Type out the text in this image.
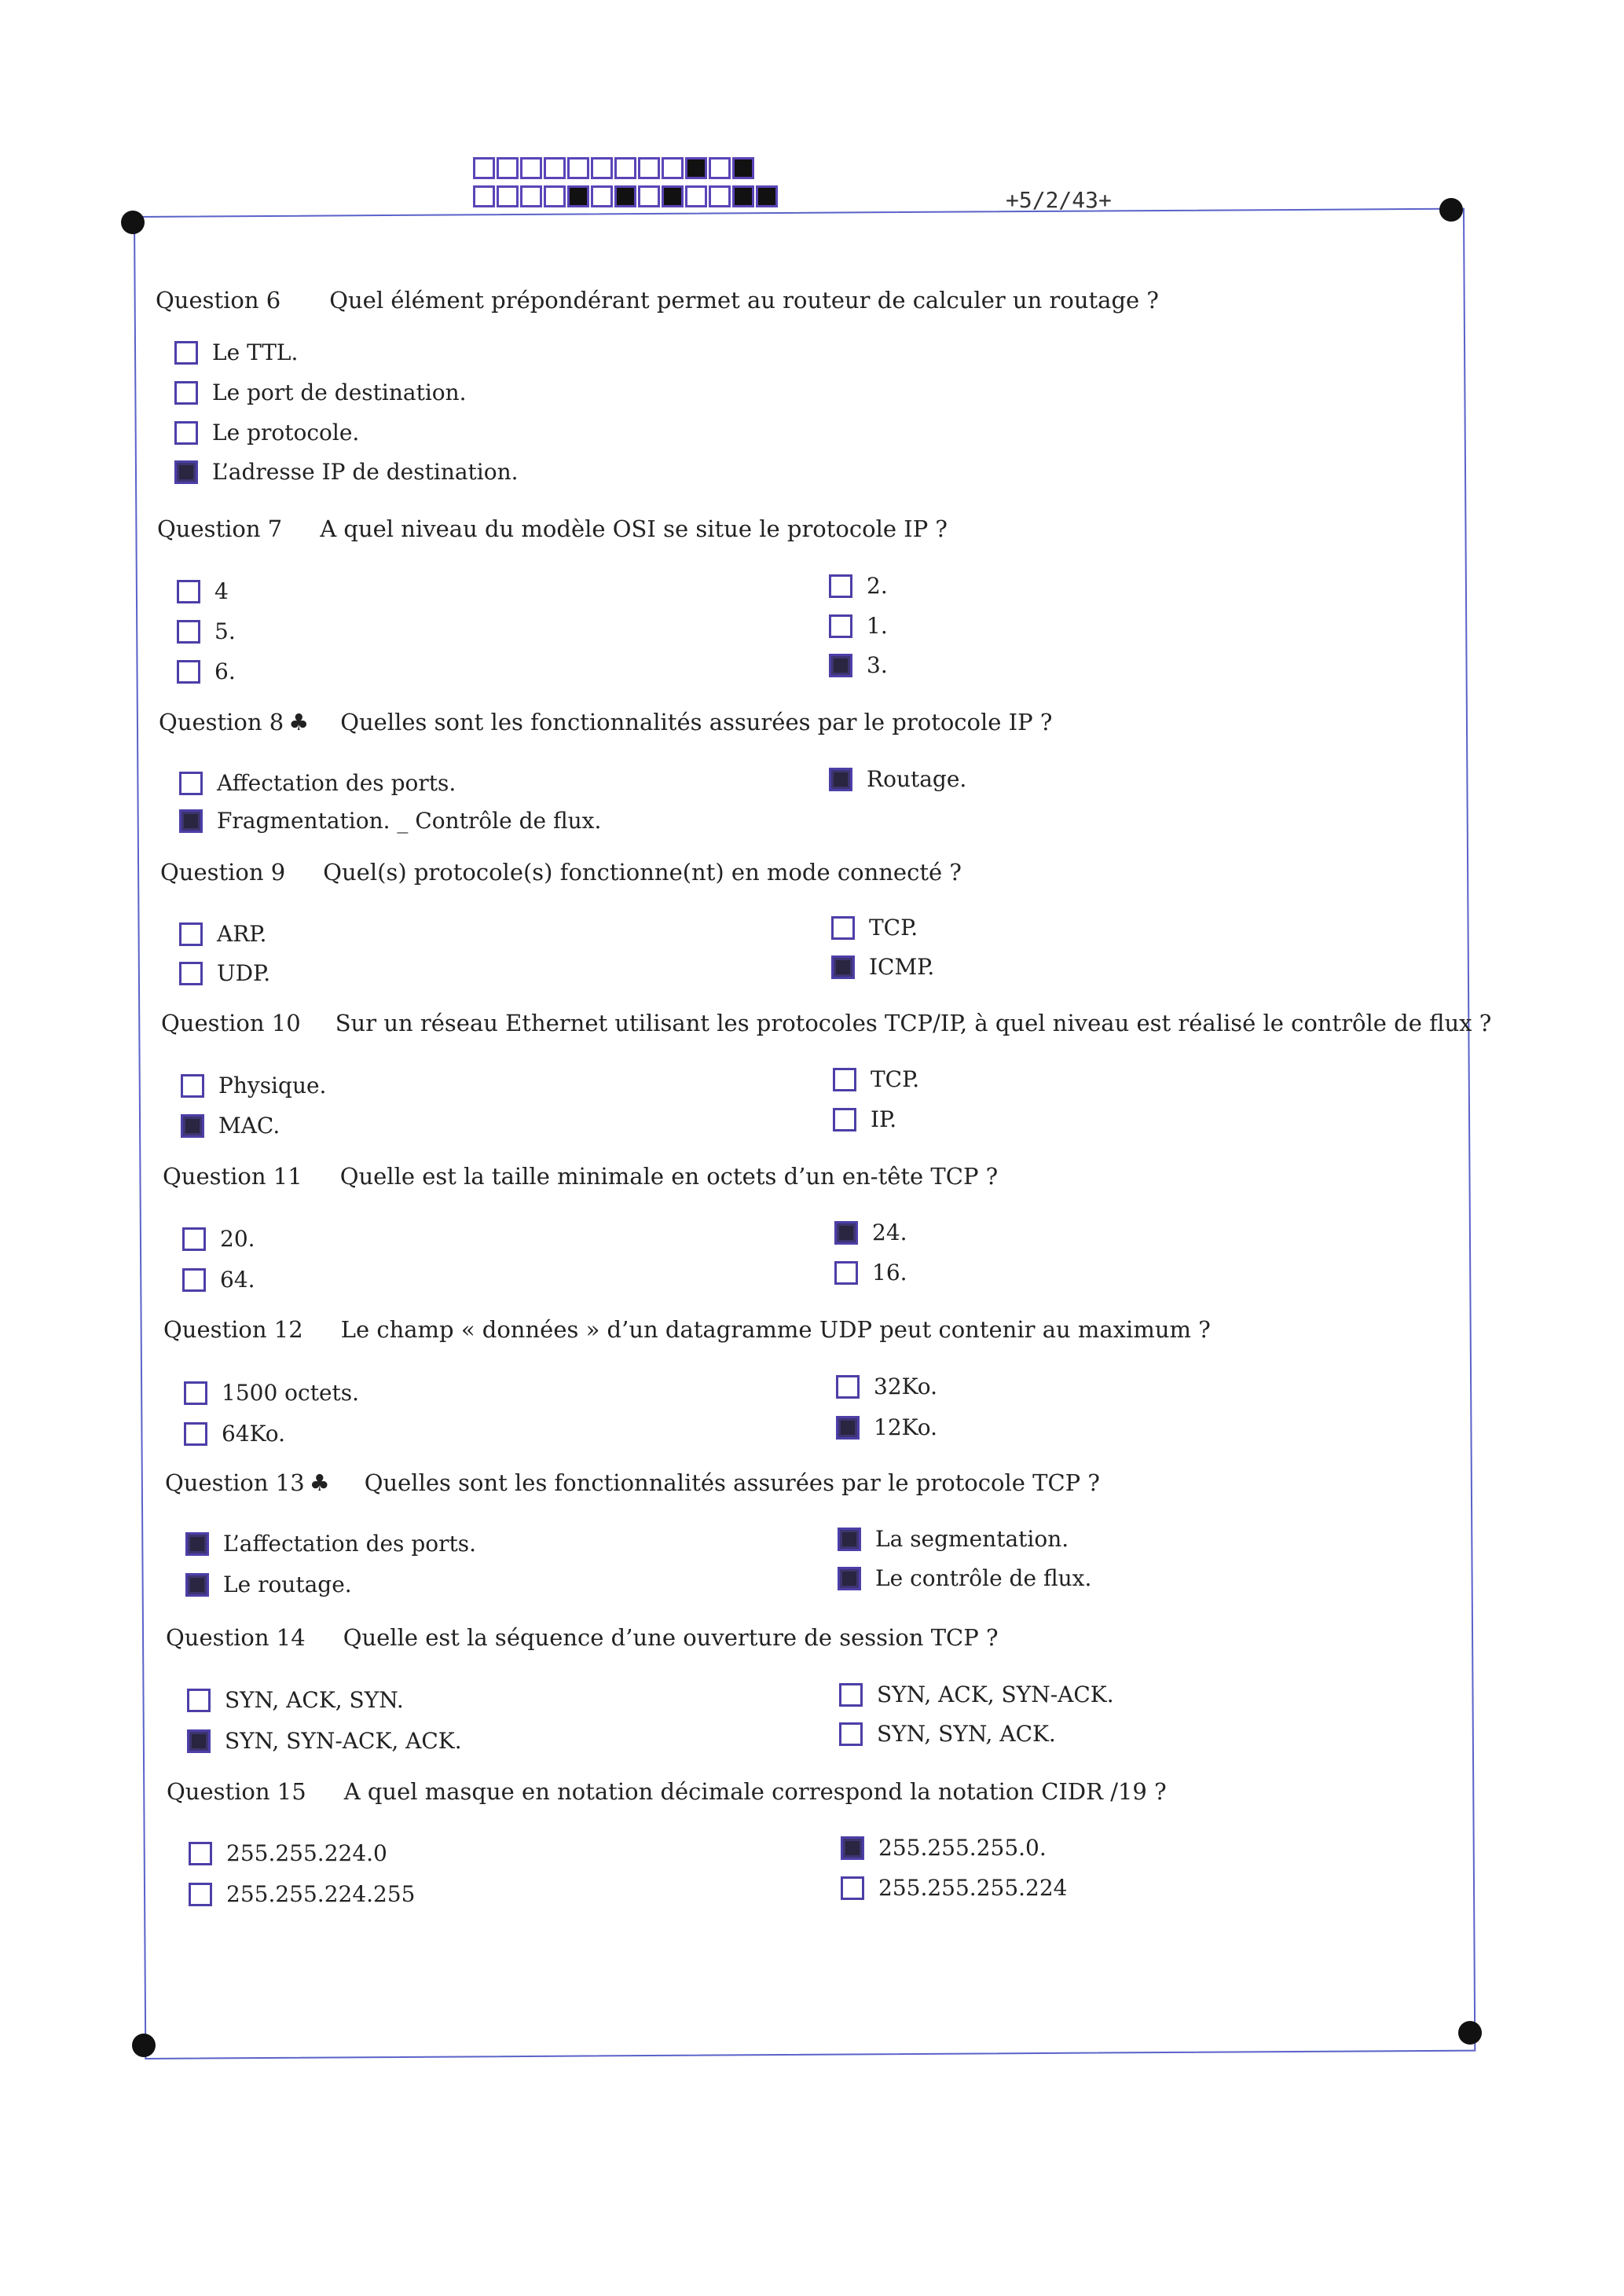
+5/2/43+
Question 6 Quel élément prépondérant permet au routeur de calculer un routage ?
Le TTL.
Le port de destination.
Le protocole.
L’adresse IP de destination.
Question 7 A quel niveau du modèle OSI se situe le protocole IP ?
4
5.
6.
2.
1.
3.
Question 8 ♣ Quelles sont les fonctionnalités assurées par le protocole IP ?
Affectation des ports.
Fragmentation. _ Contrôle de flux.
Routage.
Question 9 Quel(s) protocole(s) fonctionne(nt) en mode connecté ?
ARP.
UDP.
TCP.
ICMP.
Question 10 Sur un réseau Ethernet utilisant les protocoles TCP/IP, à quel niveau est réalisé le contrôle de flux ?
Physique.
MAC.
TCP.
IP.
Question 11 Quelle est la taille minimale en octets d’un en-tête TCP ?
20.
64.
24.
16.
Question 12 Le champ « données » d’un datagramme UDP peut contenir au maximum ?
1500 octets.
64Ko.
32Ko.
12Ko.
Question 13 ♣ Quelles sont les fonctionnalités assurées par le protocole TCP ?
L’affectation des ports.
Le routage.
La segmentation.
Le contrôle de flux.
Question 14 Quelle est la séquence d’une ouverture de session TCP ?
SYN, ACK, SYN.
SYN, SYN-ACK, ACK.
SYN, ACK, SYN-ACK.
SYN, SYN, ACK.
Question 15 A quel masque en notation décimale correspond la notation CIDR /19 ?
255.255.224.0
255.255.224.255
255.255.255.0.
255.255.255.224
